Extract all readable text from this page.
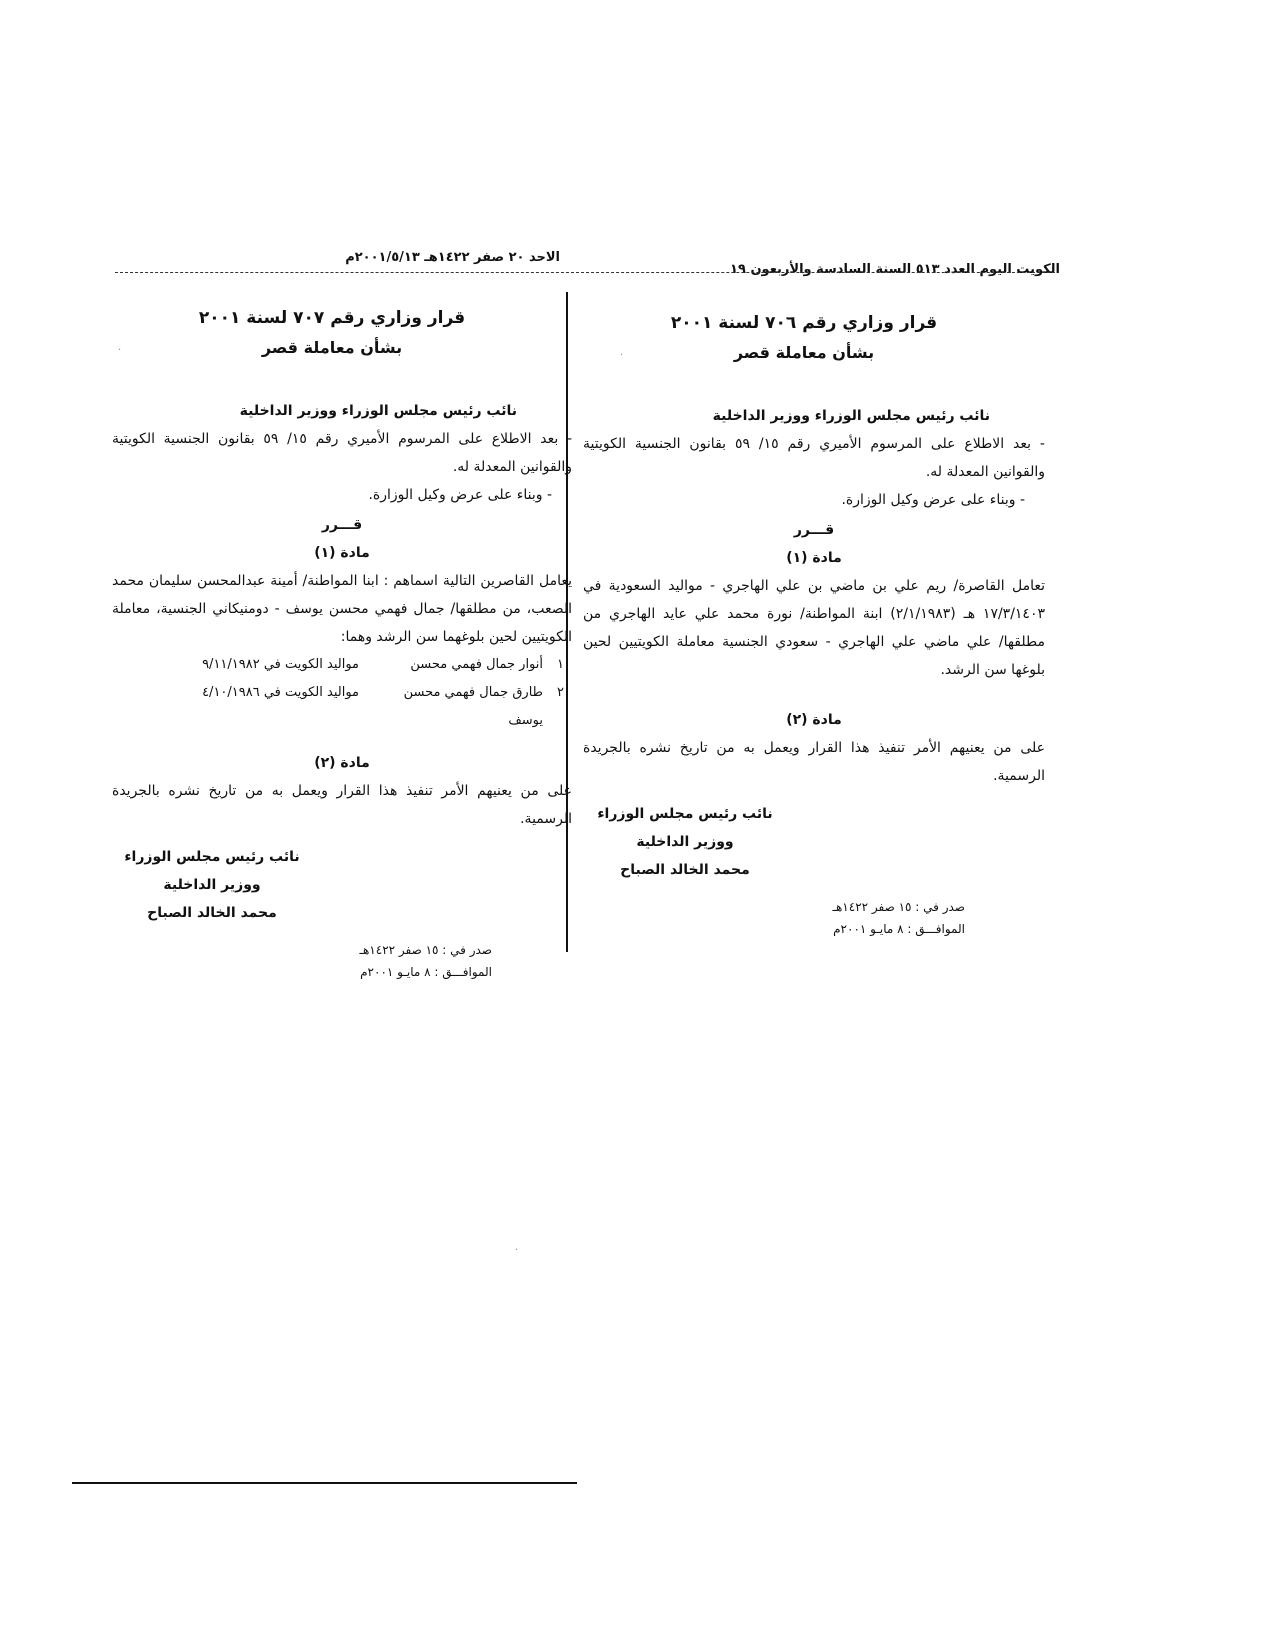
الاحد ٢٠ صفر ١٤٢٢هـ ٢٠٠١/٥/١٣م
الكويت اليوم العدد ٥١٣ السنة السادسة والأربعون ١٩
قرار وزاري رقم ٧٠٦ لسنة ٢٠٠١
بشأن معاملة قصر
نائب رئيس مجلس الوزراء ووزير الداخلية
- بعد الاطلاع على المرسوم الأميري رقم ١٥/ ٥٩ بقانون الجنسية الكويتية والقوانين المعدلة له.
- وبناء على عرض وكيل الوزارة.
قـــرر
مادة (١)
تعامل القاصرة/ ريم علي بن ماضي بن علي الهاجري - مواليد السعودية في ١٧/٣/١٤٠٣ هـ (٢/١/١٩٨٣) ابنة المواطنة/ نورة محمد علي عايد الهاجري من مطلقها/ علي ماضي علي الهاجري - سعودي الجنسية معاملة الكويتيين لحين بلوغها سن الرشد.
مادة (٢)
على من يعنيهم الأمر تنفيذ هذا القرار ويعمل به من تاريخ نشره بالجريدة الرسمية.
نائب رئيس مجلس الوزراء
ووزير الداخلية
محمد الخالد الصباح
صدر في : ١٥ صفر ١٤٢٢هـ
الموافـــق : ٨ مايـو ٢٠٠١م
قرار وزاري رقم ٧٠٧ لسنة ٢٠٠١
بشأن معاملة قصر
نائب رئيس مجلس الوزراء ووزير الداخلية
- بعد الاطلاع على المرسوم الأميري رقم ١٥/ ٥٩ بقانون الجنسية الكويتية والقوانين المعدلة له.
- وبناء على عرض وكيل الوزارة.
قـــرر
مادة (١)
يعامل القاصرين التالية اسماهم : ابنا المواطنة/ أمينة عبدالمحسن سليمان محمد الصعب، من مطلقها/ جمال فهمي محسن يوسف - دومنيكاني الجنسية، معاملة الكويتيين لحين بلوغهما سن الرشد وهما:
١
أنوار جمال فهمي محسن
مواليد الكويت في ٩/١١/١٩٨٢
٢
طارق جمال فهمي محسن يوسف
مواليد الكويت في ٤/١٠/١٩٨٦
مادة (٢)
على من يعنيهم الأمر تنفيذ هذا القرار ويعمل به من تاريخ نشره بالجريدة الرسمية.
نائب رئيس مجلس الوزراء
ووزير الداخلية
محمد الخالد الصباح
صدر في : ١٥ صفر ١٤٢٢هـ
الموافـــق : ٨ مايـو ٢٠٠١م
·	·
·
